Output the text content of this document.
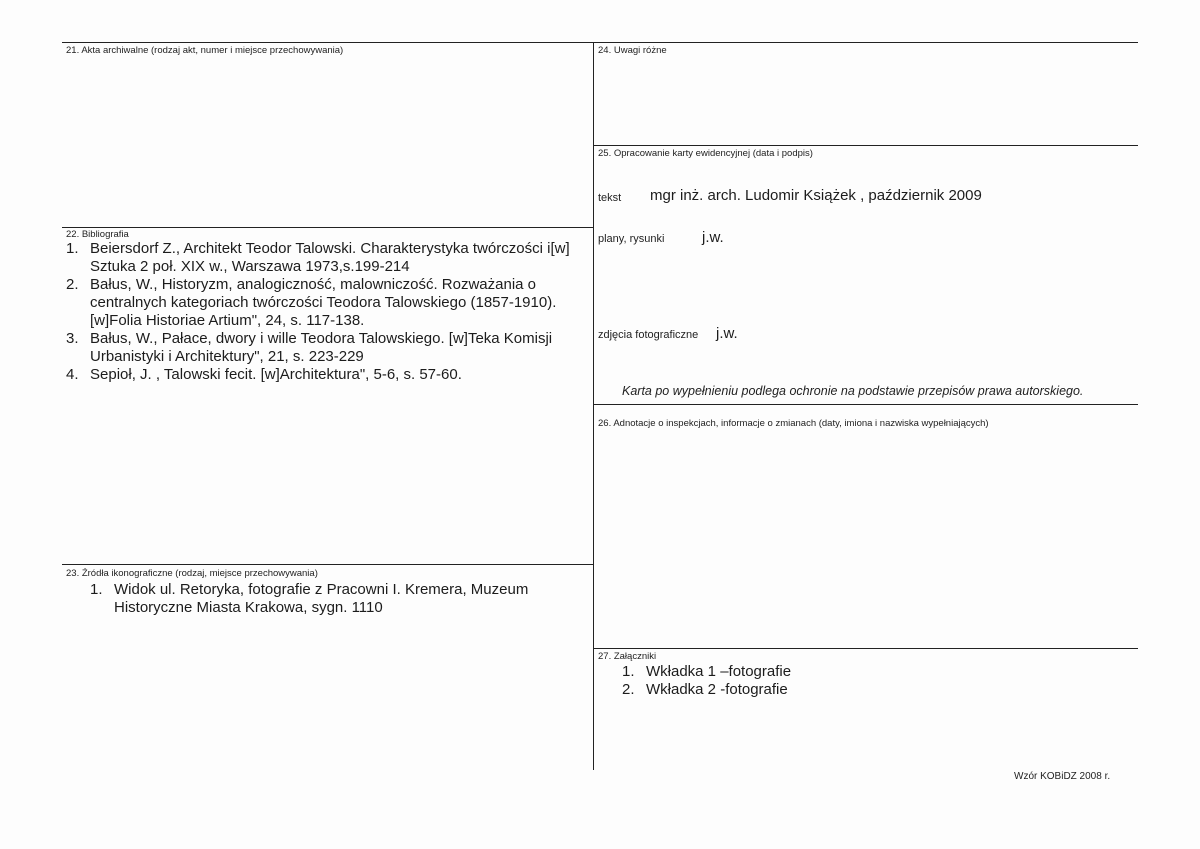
21. Akta archiwalne (rodzaj akt, numer i miejsce przechowywania)
22. Bibliografia
1. Beiersdorf Z., Architekt Teodor Talowski. Charakterystyka twórczości i[w] Sztuka 2 poł. XIX w., Warszawa 1973,s.199-214
2. Bałus, W., Historyzm, analogiczność, malowniczość. Rozważania o centralnych kategoriach twórczości Teodora Talowskiego (1857-1910).[w]Folia Historiae Artium", 24, s. 117-138.
3. Bałus, W., Pałace, dwory i wille Teodora Talowskiego. [w]Teka Komisji Urbanistyki i Architektury", 21, s. 223-229
4. Sepioł, J. , Talowski fecit. [w]Architektura", 5-6, s. 57-60.
23. Źródła ikonograficzne (rodzaj, miejsce przechowywania)
1. Widok ul. Retoryka, fotografie z Pracowni I. Kremera, Muzeum Historyczne Miasta Krakowa, sygn. 1110
24. Uwagi różne
25. Opracowanie karty ewidencyjnej (data i podpis)
tekst mgr inż. arch. Ludomir Książek , październik 2009
plany, rysunki	j.w.
zdjęcia fotograficzne j.w.
Karta po wypełnieniu podlega ochronie na podstawie przepisów prawa autorskiego.
26. Adnotacje o inspekcjach, informacje o zmianach (daty, imiona i nazwiska wypełniających)
27. Załączniki
1. Wkładka 1 –fotografie
2. Wkładka 2 -fotografie
Wzór KOBiDZ 2008 r.
